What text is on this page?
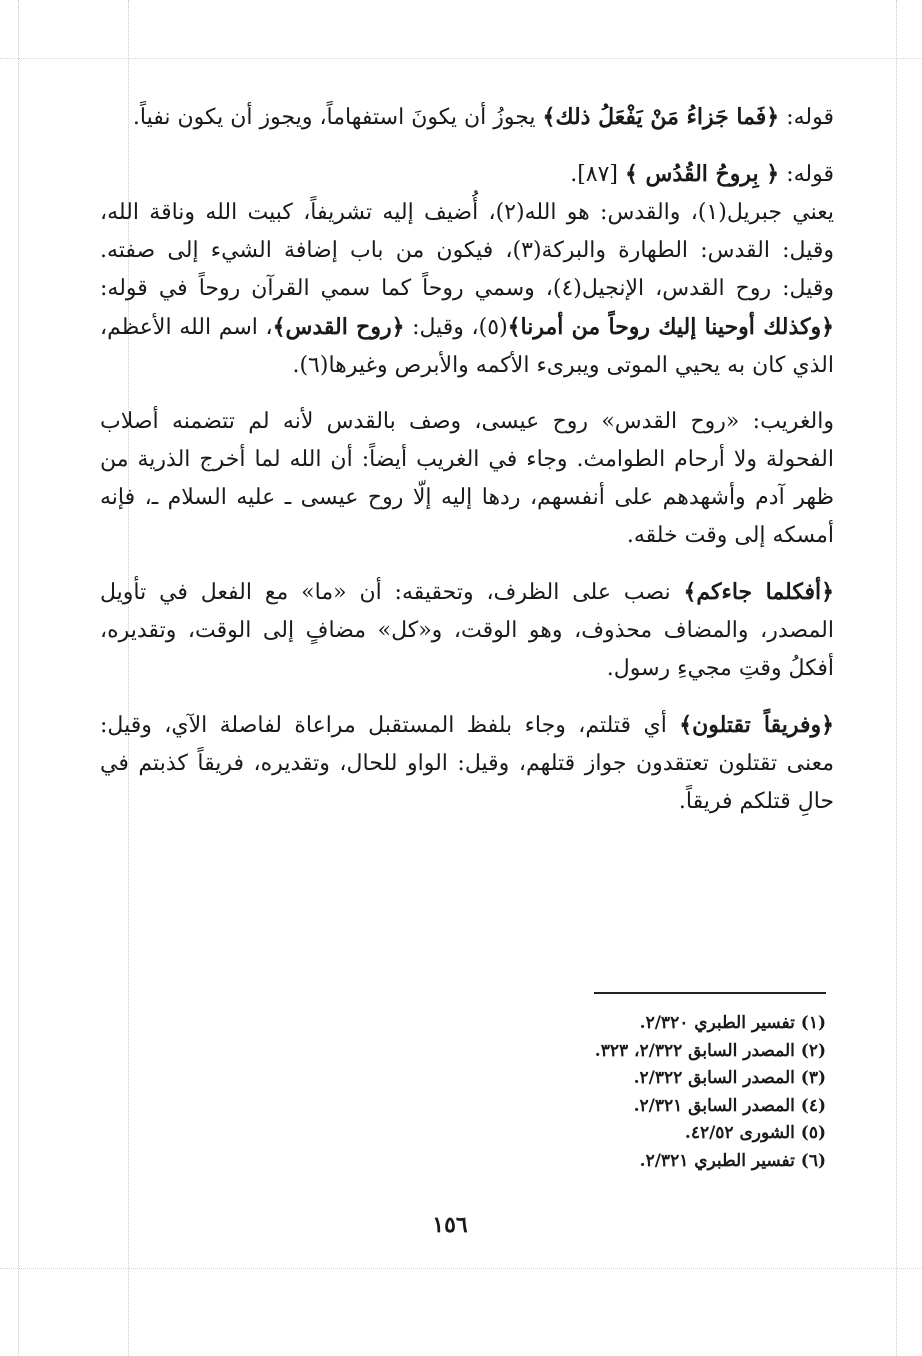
قوله: ﴿فَما جَزاءُ مَنْ يَفْعَلُ ذلك﴾ يجوزُ أن يكونَ استفهاماً، ويجوز أن يكون نفياً.

قوله: ﴿ بِروحُ القُدُس ﴾ [٨٧].

يعني جبريل(١)، والقدس: هو الله(٢)، أُضيف إليه تشريفاً، كبيت الله وناقة الله، وقيل: القدس: الطهارة والبركة(٣)، فيكون من باب إضافة الشيء إلى صفته. وقيل: روح القدس، الإنجيل(٤)، وسمي روحاً كما سمي القرآن روحاً في قوله: ﴿وكذلك أوحينا إليك روحاً من أمرنا﴾(٥)، وقيل: ﴿روح القدس﴾، اسم الله الأعظم، الذي كان به يحيي الموتى ويبرىء الأكمه والأبرص وغيرها(٦).

والغريب: «روح القدس» روح عيسى، وصف بالقدس لأنه لم تتضمنه أصلاب الفحولة ولا أرحام الطوامث. وجاء في الغريب أيضاً: أن الله لما أخرج الذرية من ظهر آدم وأشهدهم على أنفسهم، ردها إليه إلّا روح عيسى ـ عليه السلام ـ، فإنه أمسكه إلى وقت خلقه.

﴿أفكلما جاءكم﴾ نصب على الظرف، وتحقيقه: أن «ما» مع الفعل في تأويل المصدر، والمضاف محذوف، وهو الوقت، و«كل» مضافٍ إلى الوقت، وتقديره، أفكلُ وقتِ مجيءِ رسول.

﴿وفريقاً تقتلون﴾ أي قتلتم، وجاء بلفظ المستقبل مراعاة لفاصلة الآي، وقيل: معنى تقتلون تعتقدون جواز قتلهم، وقيل: الواو للحال، وتقديره، فريقاً كذبتم في حالِ قتلكم فريقاً.

(١) تفسير الطبري ٢/٣٢٠.
(٢) المصدر السابق ٢/٣٢٢، ٣٢٣.
(٣) المصدر السابق ٢/٣٢٢.
(٤) المصدر السابق ٢/٣٢١.
(٥) الشورى ٤٢/٥٢.
(٦) تفسير الطبري ٢/٣٢١.
١٥٦
